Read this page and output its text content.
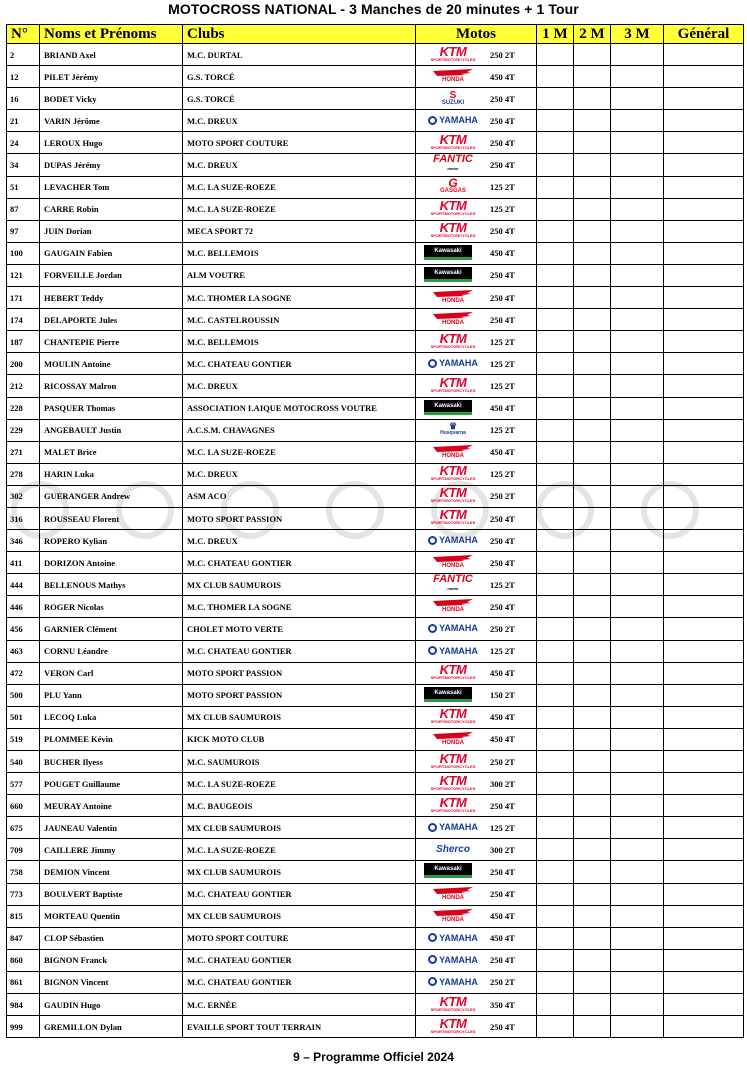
MOTOCROSS NATIONAL - 3 Manches de 20 minutes + 1 Tour
N°	Noms et Prénoms	Clubs	Motos	1 M	2 M	3 M	Général
2	BRIAND Axel	M.C. DURTAL	KTM
SPORTMOTORCYCLES 250 2T				

12	PILET Jérémy	G.S. TORCÉ	HONDA 450 4T				

16	BODET Vicky	G.S. TORCÉ	S
SUZUKI 250 4T				

21	VARIN Jérôme	M.C. DREUX	YAMAHA 250 4T				

24	LEROUX Hugo	MOTO SPORT COUTURE	KTM
SPORTMOTORCYCLES 250 4T				

34	DUPAS Jérémy	M.C. DREUX	FANTIC
motor 250 4T				

51	LEVACHER Tom	M.C. LA SUZE-ROEZE	G
GASGAS 125 2T				

87	CARRE Robin	M.C. LA SUZE-ROEZE	KTM
SPORTMOTORCYCLES 125 2T				

97	JUIN Dorian	MECA SPORT 72	KTM
SPORTMOTORCYCLES 250 4T				

100	GAUGAIN Fabien	M.C. BELLEMOIS	Kawasaki 450 4T				

121	FORVEILLE Jordan	ALM VOUTRE	Kawasaki 250 4T				

171	HEBERT Teddy	M.C. THOMER LA SOGNE	HONDA 250 4T				

174	DELAPORTE Jules	M.C. CASTELROUSSIN	HONDA 250 4T				

187	CHANTEPIE Pierre	M.C. BELLEMOIS	KTM
SPORTMOTORCYCLES 125 2T				

200	MOULIN Antoine	M.C. CHATEAU GONTIER	YAMAHA 125 2T				

212	RICOSSAY Malron	M.C. DREUX	KTM
SPORTMOTORCYCLES 125 2T				

228	PASQUER Thomas	ASSOCIATION LAIQUE MOTOCROSS VOUTRE	Kawasaki 450 4T				

229	ANGEBAULT Justin	A.C.S.M. CHAVAGNES	♛
Husqvarna 125 2T				

271	MALET Brice	M.C. LA SUZE-ROEZE	HONDA 450 4T				

278	HARIN Luka	M.C. DREUX	KTM
SPORTMOTORCYCLES 125 2T				

302	GUERANGER Andrew	ASM ACO	KTM
SPORTMOTORCYCLES 250 2T				

316	ROUSSEAU Florent	MOTO SPORT PASSION	KTM
SPORTMOTORCYCLES 250 4T				

346	ROPERO Kylian	M.C. DREUX	YAMAHA 250 4T				

411	DORIZON Antoine	M.C. CHATEAU GONTIER	HONDA 250 4T				

444	BELLENOUS Mathys	MX CLUB SAUMUROIS	FANTIC
motor 125 2T				

446	ROGER Nicolas	M.C. THOMER LA SOGNE	HONDA 250 4T				

456	GARNIER Clément	CHOLET MOTO VERTE	YAMAHA 250 2T				

463	CORNU Léandre	M.C. CHATEAU GONTIER	YAMAHA 125 2T				

472	VERON Carl	MOTO SPORT PASSION	KTM
SPORTMOTORCYCLES 450 4T				

500	PLU Yann	MOTO SPORT PASSION	Kawasaki 150 2T				

501	LECOQ Luka	MX CLUB SAUMUROIS	KTM
SPORTMOTORCYCLES 450 4T				

519	PLOMMEE Kévin	KICK MOTO CLUB	HONDA 450 4T				

540	BUCHER Ilyess	M.C. SAUMUROIS	KTM
SPORTMOTORCYCLES 250 2T				

577	POUGET Guillaume	M.C. LA SUZE-ROEZE	KTM
SPORTMOTORCYCLES 300 2T				

660	MEURAY Antoine	M.C. BAUGEOIS	KTM
SPORTMOTORCYCLES 250 4T				

675	JAUNEAU Valentin	MX CLUB SAUMUROIS	YAMAHA 125 2T				

709	CAILLERE Jimmy	M.C. LA SUZE-ROEZE	Sherco 300 2T				

758	DEMION Vincent	MX CLUB SAUMUROIS	Kawasaki 250 4T				

773	BOULVERT Baptiste	M.C. CHATEAU GONTIER	HONDA 250 4T				

815	MORTEAU Quentin	MX CLUB SAUMUROIS	HONDA 450 4T				

847	CLOP Sébastien	MOTO SPORT COUTURE	YAMAHA 450 4T				

860	BIGNON Franck	M.C. CHATEAU GONTIER	YAMAHA 250 4T				

861	BIGNON Vincent	M.C. CHATEAU GONTIER	YAMAHA 250 2T				

984	GAUDIN Hugo	M.C. ERNÉE	KTM
SPORTMOTORCYCLES 350 4T				

999	GREMILLON Dylan	EVAILLE SPORT TOUT TERRAIN	KTM
SPORTMOTORCYCLES 250 4T				

9 – Programme Officiel 2024
